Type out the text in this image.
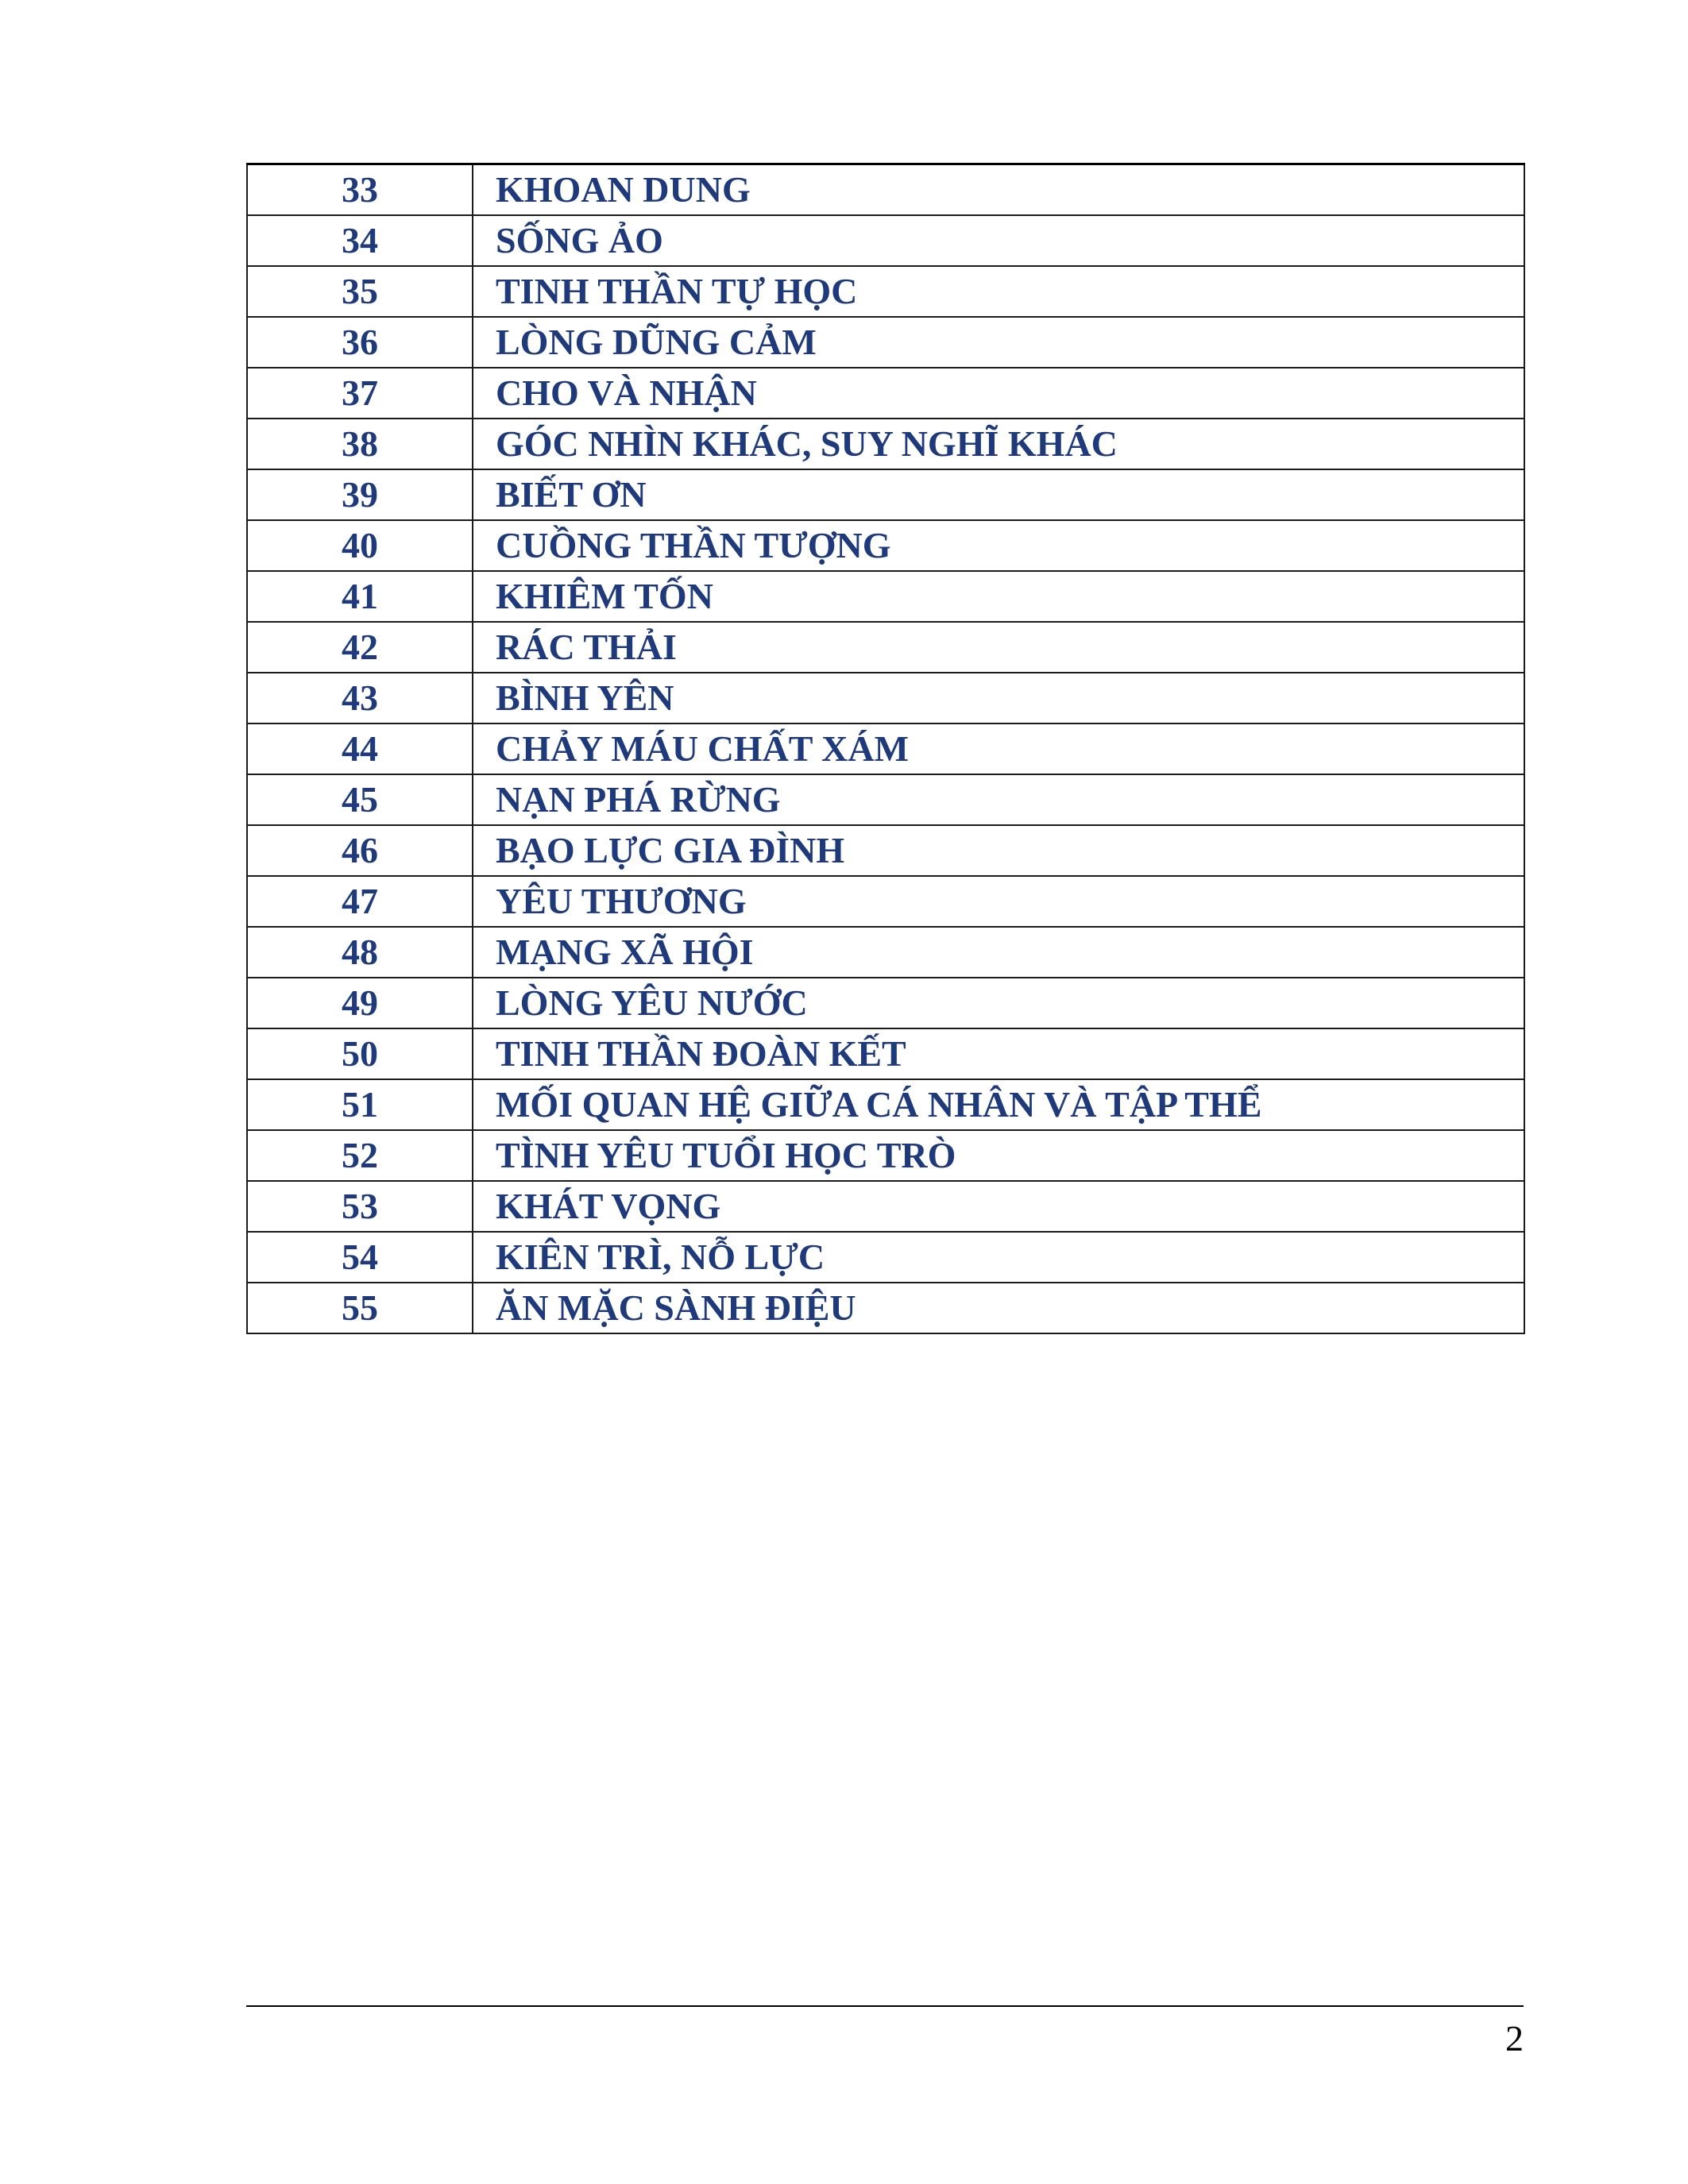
33	KHOAN DUNG
34	SỐNG ẢO
35	TINH THẦN TỰ HỌC
36	LÒNG DŨNG CẢM
37	CHO VÀ NHẬN
38	GÓC NHÌN KHÁC, SUY NGHĨ KHÁC
39	BIẾT ƠN
40	CUỒNG THẦN TƯỢNG
41	KHIÊM TỐN
42	RÁC THẢI
43	BÌNH YÊN
44	CHẢY MÁU CHẤT XÁM
45	NẠN PHÁ RỪNG
46	BẠO LỰC GIA ĐÌNH
47	YÊU THƯƠNG
48	MẠNG XÃ HỘI
49	LÒNG YÊU NƯỚC
50	TINH THẦN ĐOÀN KẾT
51	MỐI QUAN HỆ GIỮA CÁ NHÂN VÀ TẬP THỂ
52	TÌNH YÊU TUỔI HỌC TRÒ
53	KHÁT VỌNG
54	KIÊN TRÌ, NỖ LỰC
55	ĂN MẶC SÀNH ĐIỆU
2
